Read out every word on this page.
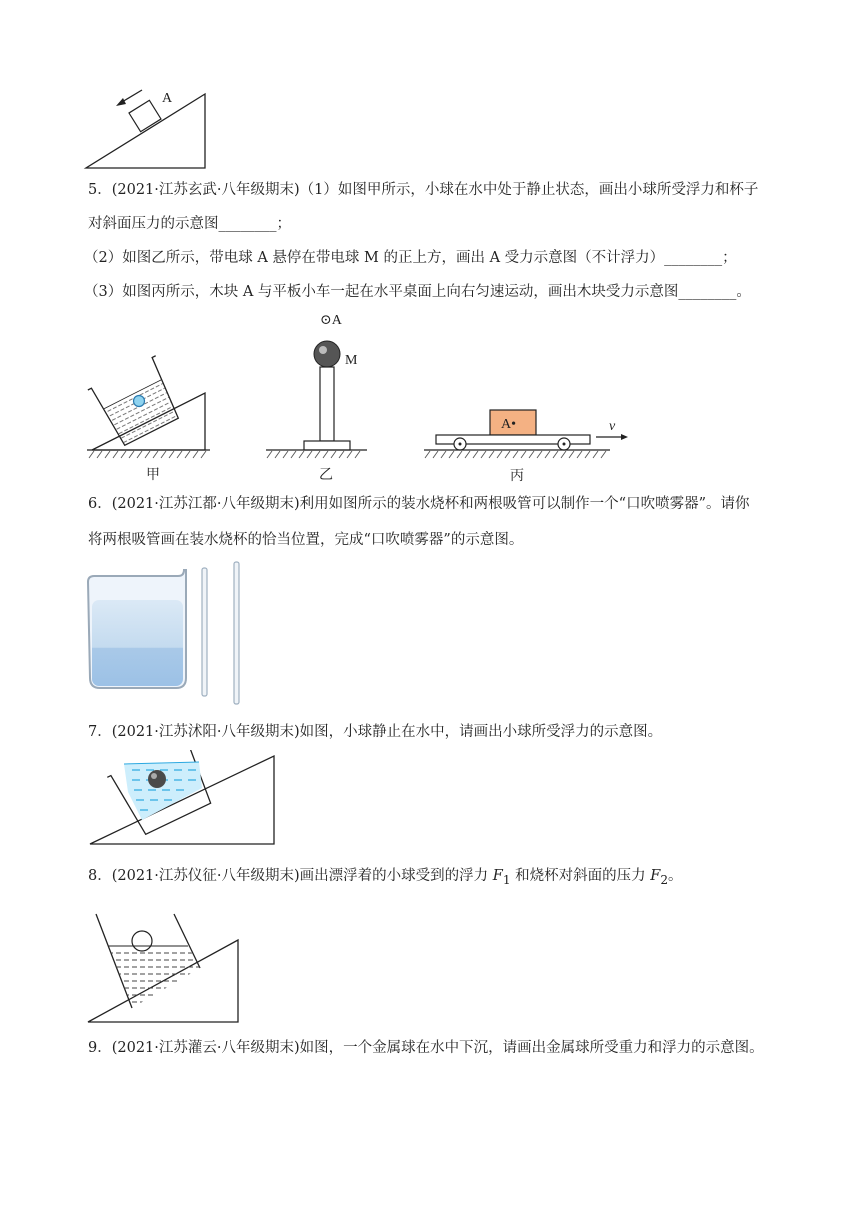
A
5．(2021·江苏玄武·八年级期末)（1）如图甲所示，小球在水中处于静止状态，画出小球所受浮力和杯子
对斜面压力的示意图________；
（2）如图乙所示，带电球 A 悬停在带电球 M 的正上方，画出 A 受力示意图（不计浮力）________；
（3）如图丙所示，木块 A 与平板小车一起在水平桌面上向右匀速运动，画出木块受力示意图________。
甲
⊙A
M
乙
A•	v
丙
6．(2021·江苏江都·八年级期末)利用如图所示的装水烧杯和两根吸管可以制作一个“口吹喷雾器”。请你
将两根吸管画在装水烧杯的恰当位置，完成“口吹喷雾器”的示意图。
7．(2021·江苏沭阳·八年级期末)如图，小球静止在水中，请画出小球所受浮力的示意图。
8．(2021·江苏仪征·八年级期末)画出漂浮着的小球受到的浮力 $F_1$ 和烧杯对斜面的压力 $F_2$。
9．(2021·江苏灌云·八年级期末)如图，一个金属球在水中下沉，请画出金属球所受重力和浮力的示意图。
